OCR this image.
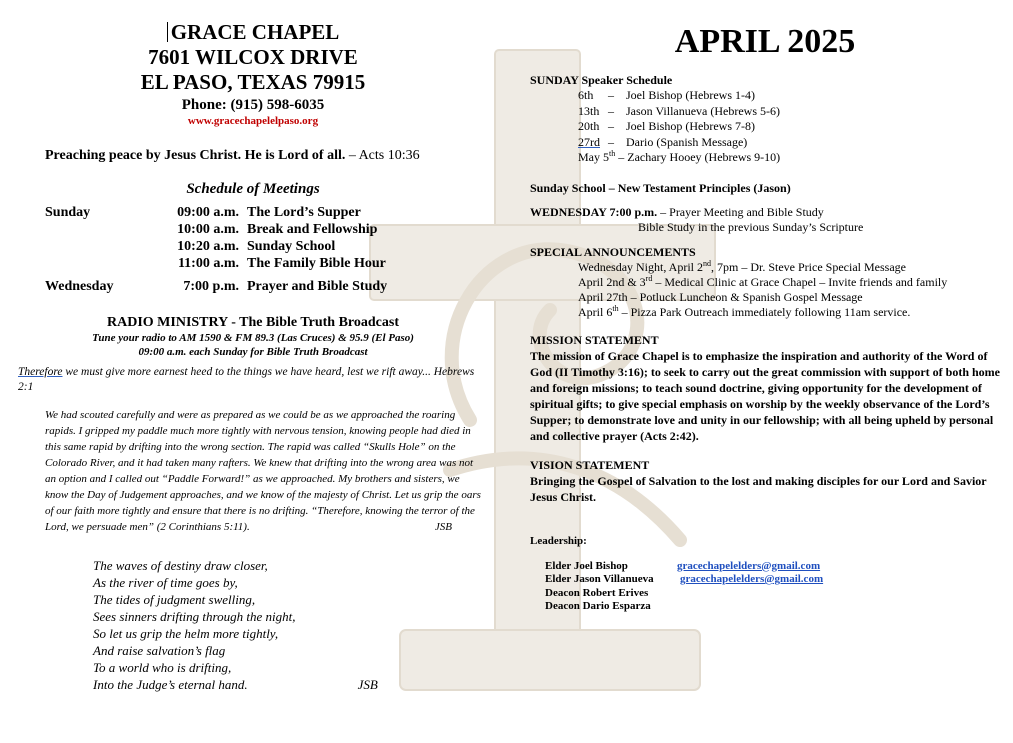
GRACE CHAPEL
7601 WILCOX DRIVE
EL PASO, TEXAS 79915
Phone: (915) 598-6035
www.gracechapelelpaso.org
Preaching peace by Jesus Christ. He is Lord of all. – Acts 10:36
Schedule of Meetings
Sunday	09:00 a.m. The Lord’s Supper
10:00 a.m. Break and Fellowship
10:20 a.m. Sunday School
11:00 a.m. The Family Bible Hour
Wednesday	7:00 p.m. Prayer and Bible Study
RADIO MINISTRY - The Bible Truth Broadcast
Tune your radio to AM 1590 & FM 89.3 (Las Cruces) & 95.9 (El Paso)
09:00 a.m. each Sunday for Bible Truth Broadcast
Therefore we must give more earnest heed to the things we have heard, lest we rift away... Hebrews 2:1
We had scouted carefully and were as prepared as we could be as we approached the roaring rapids. I gripped my paddle much more tightly with nervous tension, knowing people had died in this same rapid by drifting into the wrong section. The rapid was called “Skulls Hole” on the Colorado River, and it had taken many rafters. We knew that drifting into the wrong area was not an option and I called out “Paddle Forward!” as we approached. My brothers and sisters, we know the Day of Judgement approaches, and we know of the majesty of Christ. Let us grip the oars of our faith more tightly and ensure that there is no drifting. “Therefore, knowing the terror of the Lord, we persuade men” (2 Corinthians 5:11).	JSB
The waves of destiny draw closer,
As the river of time goes by,
The tides of judgment swelling,
Sees sinners drifting through the night,
So let us grip the helm more tightly,
And raise salvation’s flag
To a world who is drifting,
Into the Judge’s eternal hand.	JSB
APRIL 2025
SUNDAY Speaker Schedule
6th – Joel Bishop (Hebrews 1-4)
13th – Jason Villanueva (Hebrews 5-6)
20th – Joel Bishop (Hebrews 7-8)
27rd – Dario (Spanish Message)
May 5th – Zachary Hooey (Hebrews 9-10)
Sunday School – New Testament Principles (Jason)
WEDNESDAY 7:00 p.m. – Prayer Meeting and Bible Study
Bible Study in the previous Sunday’s Scripture
SPECIAL ANNOUNCEMENTS
Wednesday Night, April 2nd, 7pm – Dr. Steve Price Special Message
April 2nd & 3rd – Medical Clinic at Grace Chapel – Invite friends and family
April 27th – Potluck Luncheon & Spanish Gospel Message
April 6th – Pizza Park Outreach immediately following 11am service.
MISSION STATEMENT
The mission of Grace Chapel is to emphasize the inspiration and authority of the Word of God (II Timothy 3:16); to seek to carry out the great commission with support of both home and foreign missions; to teach sound doctrine, giving opportunity for the development of spiritual gifts; to give special emphasis on worship by the weekly observance of the Lord’s Supper; to demonstrate love and unity in our fellowship; with all being upheld by personal and collective prayer (Acts 2:42).
VISION STATEMENT
Bringing the Gospel of Salvation to the lost and making disciples for our Lord and Savior Jesus Christ.
Leadership:
Elder Joel Bishop	gracechapelelders@gmail.com
Elder Jason Villanueva	gracechapelelders@gmail.com
Deacon Robert Erives
Deacon Dario Esparza
